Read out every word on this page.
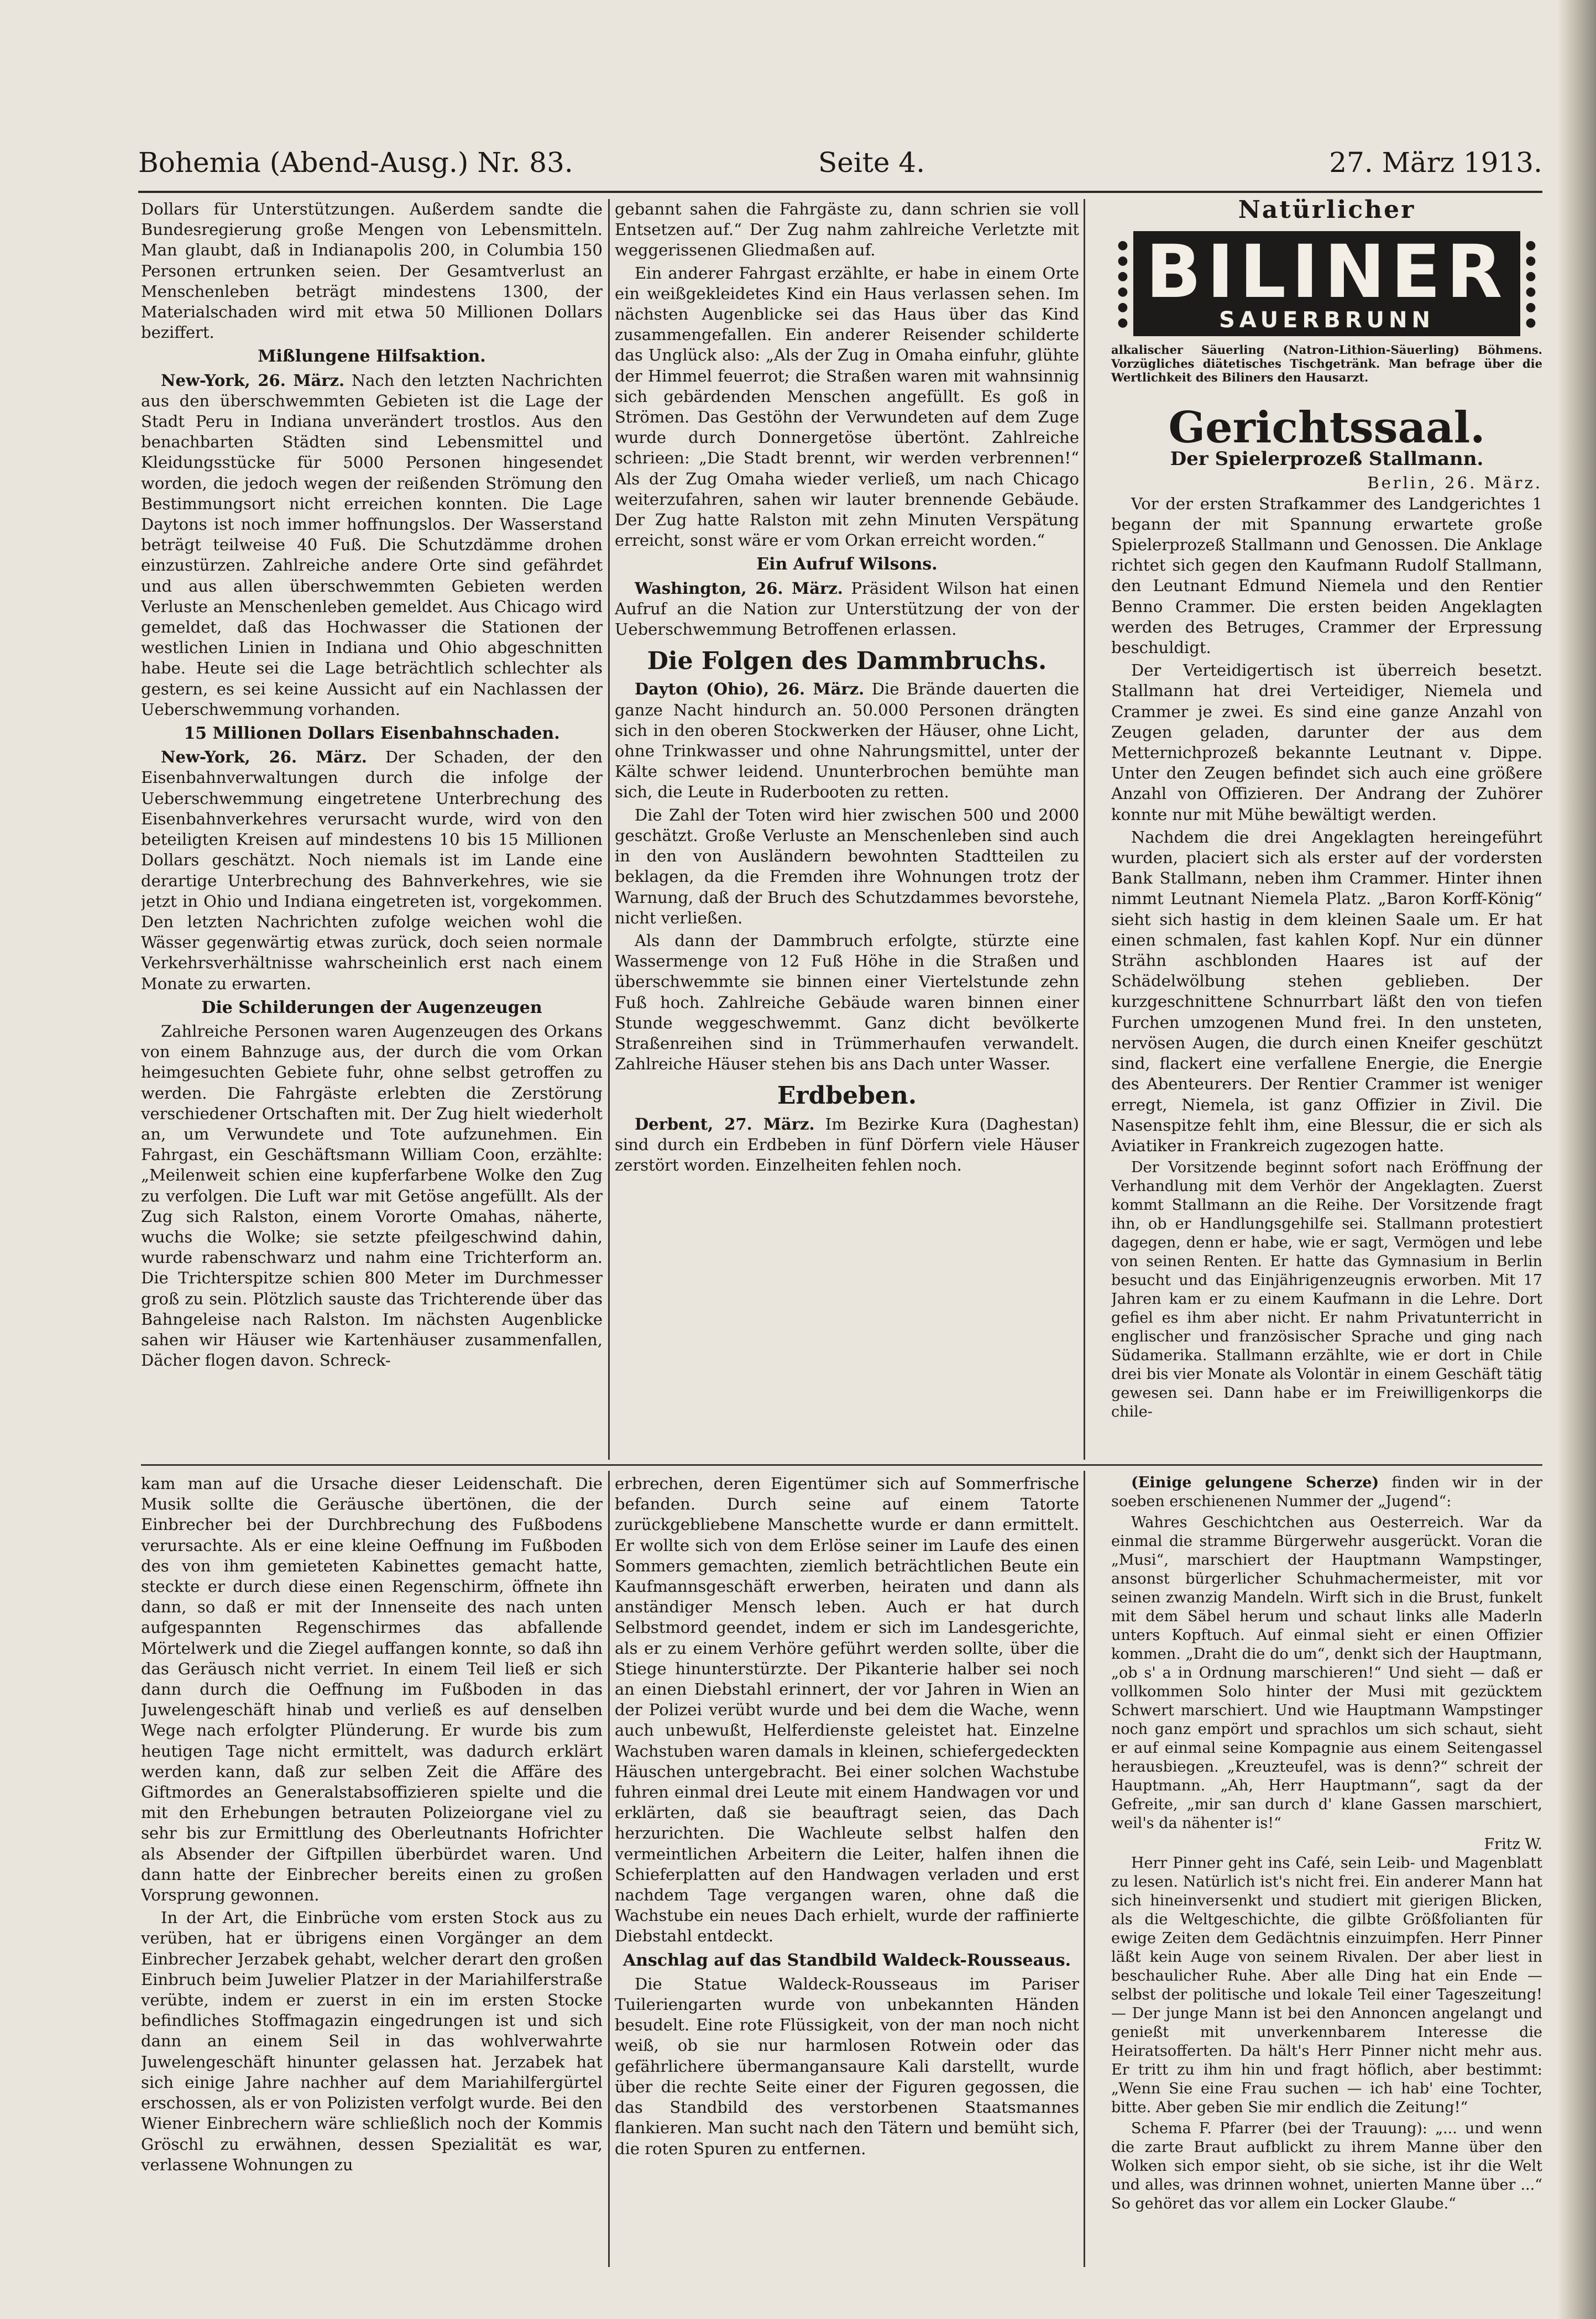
Bohemia (Abend-Ausg.) Nr. 83.	Seite 4.	27. März 1913.

Dollars für Unterstützungen. Außerdem sandte die Bundesregierung große Mengen von Lebensmitteln. Man glaubt, daß in Indianapolis 200, in Columbia 150 Personen ertrunken seien. Der Gesamtverlust an Menschenleben beträgt mindestens 1300, der Materialschaden wird mit etwa 50 Millionen Dollars beziffert.

Mißlungene Hilfsaktion.

New-York, 26. März. Nach den letzten Nachrichten aus den überschwemmten Gebieten ist die Lage der Stadt Peru in Indiana unverändert trostlos. Aus den benachbarten Städten sind Lebensmittel und Kleidungsstücke für 5000 Personen hingesendet worden, die jedoch wegen der reißenden Strömung den Bestimmungsort nicht erreichen konnten. Die Lage Daytons ist noch immer hoffnungslos. Der Wasserstand beträgt teilweise 40 Fuß. Die Schutzdämme drohen einzustürzen. Zahlreiche andere Orte sind gefährdet und aus allen überschwemmten Gebieten werden Verluste an Menschenleben gemeldet. Aus Chicago wird gemeldet, daß das Hochwasser die Stationen der westlichen Linien in Indiana und Ohio abgeschnitten habe. Heute sei die Lage beträchtlich schlechter als gestern, es sei keine Aussicht auf ein Nachlassen der Ueberschwemmung vorhanden.

15 Millionen Dollars Eisenbahnschaden.

New-York, 26. März. Der Schaden, der den Eisenbahnverwaltungen durch die infolge der Ueberschwemmung eingetretene Unterbrechung des Eisenbahnverkehres verursacht wurde, wird von den beteiligten Kreisen auf mindestens 10 bis 15 Millionen Dollars geschätzt. Noch niemals ist im Lande eine derartige Unterbrechung des Bahnverkehres, wie sie jetzt in Ohio und Indiana eingetreten ist, vorgekommen. Den letzten Nachrichten zufolge weichen wohl die Wässer gegenwärtig etwas zurück, doch seien normale Verkehrsverhältnisse wahrscheinlich erst nach einem Monate zu erwarten.

Die Schilderungen der Augenzeugen

Zahlreiche Personen waren Augenzeugen des Orkans von einem Bahnzuge aus, der durch die vom Orkan heimgesuchten Gebiete fuhr, ohne selbst getroffen zu werden. Die Fahrgäste erlebten die Zerstörung verschiedener Ortschaften mit. Der Zug hielt wiederholt an, um Verwundete und Tote aufzunehmen. Ein Fahrgast, ein Geschäftsmann William Coon, erzählte: „Meilenweit schien eine kupferfarbene Wolke den Zug zu verfolgen. Die Luft war mit Getöse angefüllt. Als der Zug sich Ralston, einem Vororte Omahas, näherte, wuchs die Wolke; sie setzte pfeilgeschwind dahin, wurde rabenschwarz und nahm eine Trichterform an. Die Trichterspitze schien 800 Meter im Durchmesser groß zu sein. Plötzlich sauste das Trichterende über das Bahngeleise nach Ralston. Im nächsten Augenblicke sahen wir Häuser wie Kartenhäuser zusammenfallen, Dächer flogen davon. Schreck-

gebannt sahen die Fahrgäste zu, dann schrien sie voll Entsetzen auf.“ Der Zug nahm zahlreiche Verletzte mit weggerissenen Gliedmaßen auf.

Ein anderer Fahrgast erzählte, er habe in einem Orte ein weißgekleidetes Kind ein Haus verlassen sehen. Im nächsten Augenblicke sei das Haus über das Kind zusammengefallen. Ein anderer Reisender schilderte das Unglück also: „Als der Zug in Omaha einfuhr, glühte der Himmel feuerrot; die Straßen waren mit wahnsinnig sich gebärdenden Menschen angefüllt. Es goß in Strömen. Das Gestöhn der Verwundeten auf dem Zuge wurde durch Donnergetöse übertönt. Zahlreiche schrieen: „Die Stadt brennt, wir werden verbrennen!“ Als der Zug Omaha wieder verließ, um nach Chicago weiterzufahren, sahen wir lauter brennende Gebäude. Der Zug hatte Ralston mit zehn Minuten Verspätung erreicht, sonst wäre er vom Orkan erreicht worden.“

Ein Aufruf Wilsons.

Washington, 26. März. Präsident Wilson hat einen Aufruf an die Nation zur Unterstützung der von der Ueberschwemmung Betroffenen erlassen.

Die Folgen des Dammbruchs.

Dayton (Ohio), 26. März. Die Brände dauerten die ganze Nacht hindurch an. 50.000 Personen drängten sich in den oberen Stockwerken der Häuser, ohne Licht, ohne Trinkwasser und ohne Nahrungsmittel, unter der Kälte schwer leidend. Ununterbrochen bemühte man sich, die Leute in Ruderbooten zu retten.

Die Zahl der Toten wird hier zwischen 500 und 2000 geschätzt. Große Verluste an Menschenleben sind auch in den von Ausländern bewohnten Stadtteilen zu beklagen, da die Fremden ihre Wohnungen trotz der Warnung, daß der Bruch des Schutzdammes bevorstehe, nicht verließen.

Als dann der Dammbruch erfolgte, stürzte eine Wassermenge von 12 Fuß Höhe in die Straßen und überschwemmte sie binnen einer Viertelstunde zehn Fuß hoch. Zahlreiche Gebäude waren binnen einer Stunde weggeschwemmt. Ganz dicht bevölkerte Straßenreihen sind in Trümmerhaufen verwandelt. Zahlreiche Häuser stehen bis ans Dach unter Wasser.

Erdbeben.

Derbent, 27. März. Im Bezirke Kura (Daghestan) sind durch ein Erdbeben in fünf Dörfern viele Häuser zerstört worden. Einzelheiten fehlen noch.

Natürlicher
●
●
●
●
●
●
BILINER
SAUERBRUNN
●
●
●
●
●
●
alkalischer Säuerling (Natron-Lithion-Säuerling) Böhmens. Vorzügliches diätetisches Tischgetränk. Man befrage über die Wertlichkeit des Biliners den Hausarzt.
Gerichtssaal.
Der Spielerprozeß Stallmann.

Berlin, 26. März.

Vor der ersten Strafkammer des Landgerichtes 1 begann der mit Spannung erwartete große Spielerprozeß Stallmann und Genossen. Die Anklage richtet sich gegen den Kaufmann Rudolf Stallmann, den Leutnant Edmund Niemela und den Rentier Benno Crammer. Die ersten beiden Angeklagten werden des Betruges, Crammer der Erpressung beschuldigt.

Der Verteidigertisch ist überreich besetzt. Stallmann hat drei Verteidiger, Niemela und Crammer je zwei. Es sind eine ganze Anzahl von Zeugen geladen, darunter der aus dem Metternichprozeß bekannte Leutnant v. Dippe. Unter den Zeugen befindet sich auch eine größere Anzahl von Offizieren. Der Andrang der Zuhörer konnte nur mit Mühe bewältigt werden.

Nachdem die drei Angeklagten hereingeführt wurden, placiert sich als erster auf der vordersten Bank Stallmann, neben ihm Crammer. Hinter ihnen nimmt Leutnant Niemela Platz. „Baron Korff-König“ sieht sich hastig in dem kleinen Saale um. Er hat einen schmalen, fast kahlen Kopf. Nur ein dünner Strähn aschblonden Haares ist auf der Schädelwölbung stehen geblieben. Der kurzgeschnittene Schnurrbart läßt den von tiefen Furchen umzogenen Mund frei. In den unsteten, nervösen Augen, die durch einen Kneifer geschützt sind, flackert eine verfallene Energie, die Energie des Abenteurers. Der Rentier Crammer ist weniger erregt, Niemela, ist ganz Offizier in Zivil. Die Nasenspitze fehlt ihm, eine Blessur, die er sich als Aviatiker in Frankreich zugezogen hatte.

Der Vorsitzende beginnt sofort nach Eröffnung der Verhandlung mit dem Verhör der Angeklagten. Zuerst kommt Stallmann an die Reihe. Der Vorsitzende fragt ihn, ob er Handlungsgehilfe sei. Stallmann protestiert dagegen, denn er habe, wie er sagt, Vermögen und lebe von seinen Renten. Er hatte das Gymnasium in Berlin besucht und das Einjährigenzeugnis erworben. Mit 17 Jahren kam er zu einem Kaufmann in die Lehre. Dort gefiel es ihm aber nicht. Er nahm Privatunterricht in englischer und französischer Sprache und ging nach Südamerika. Stallmann erzählte, wie er dort in Chile drei bis vier Monate als Volontär in einem Geschäft tätig gewesen sei. Dann habe er im Freiwilligenkorps die chile-

kam man auf die Ursache dieser Leidenschaft. Die Musik sollte die Geräusche übertönen, die der Einbrecher bei der Durchbrechung des Fußbodens verursachte. Als er eine kleine Oeffnung im Fußboden des von ihm gemieteten Kabinettes gemacht hatte, steckte er durch diese einen Regenschirm, öffnete ihn dann, so daß er mit der Innenseite des nach unten aufgespannten Regenschirmes das abfallende Mörtelwerk und die Ziegel auffangen konnte, so daß ihn das Geräusch nicht verriet. In einem Teil ließ er sich dann durch die Oeffnung im Fußboden in das Juwelengeschäft hinab und verließ es auf denselben Wege nach erfolgter Plünderung. Er wurde bis zum heutigen Tage nicht ermittelt, was dadurch erklärt werden kann, daß zur selben Zeit die Affäre des Giftmordes an Generalstabsoffizieren spielte und die mit den Erhebungen betrauten Polizeiorgane viel zu sehr bis zur Ermittlung des Oberleutnants Hofrichter als Absender der Giftpillen überbürdet waren. Und dann hatte der Einbrecher bereits einen zu großen Vorsprung gewonnen.

In der Art, die Einbrüche vom ersten Stock aus zu verüben, hat er übrigens einen Vorgänger an dem Einbrecher Jerzabek gehabt, welcher derart den großen Einbruch beim Juwelier Platzer in der Mariahilferstraße verübte, indem er zuerst in ein im ersten Stocke befindliches Stoffmagazin eingedrungen ist und sich dann an einem Seil in das wohlverwahrte Juwelengeschäft hinunter gelassen hat. Jerzabek hat sich einige Jahre nachher auf dem Mariahilfergürtel erschossen, als er von Polizisten verfolgt wurde. Bei den Wiener Einbrechern wäre schließlich noch der Kommis Gröschl zu erwähnen, dessen Spezialität es war, verlassene Wohnungen zu

erbrechen, deren Eigentümer sich auf Sommerfrische befanden. Durch seine auf einem Tatorte zurückgebliebene Manschette wurde er dann ermittelt. Er wollte sich von dem Erlöse seiner im Laufe des einen Sommers gemachten, ziemlich beträchtlichen Beute ein Kaufmannsgeschäft erwerben, heiraten und dann als anständiger Mensch leben. Auch er hat durch Selbstmord geendet, indem er sich im Landesgerichte, als er zu einem Verhöre geführt werden sollte, über die Stiege hinunterstürzte. Der Pikanterie halber sei noch an einen Diebstahl erinnert, der vor Jahren in Wien an der Polizei verübt wurde und bei dem die Wache, wenn auch unbewußt, Helferdienste geleistet hat. Einzelne Wachstuben waren damals in kleinen, schiefergedeckten Häuschen untergebracht. Bei einer solchen Wachstube fuhren einmal drei Leute mit einem Handwagen vor und erklärten, daß sie beauftragt seien, das Dach herzurichten. Die Wachleute selbst halfen den vermeintlichen Arbeitern die Leiter, halfen ihnen die Schieferplatten auf den Handwagen verladen und erst nachdem Tage vergangen waren, ohne daß die Wachstube ein neues Dach erhielt, wurde der raffinierte Diebstahl entdeckt.

Anschlag auf das Standbild Waldeck-Rousseaus.

Die Statue Waldeck-Rousseaus im Pariser Tuileriengarten wurde von unbekannten Händen besudelt. Eine rote Flüssigkeit, von der man noch nicht weiß, ob sie nur harmlosen Rotwein oder das gefährlichere übermangansaure Kali darstellt, wurde über die rechte Seite einer der Figuren gegossen, die das Standbild des verstorbenen Staatsmannes flankieren. Man sucht nach den Tätern und bemüht sich, die roten Spuren zu entfernen.

(Einige gelungene Scherze) finden wir in der soeben erschienenen Nummer der „Jugend“:

Wahres Geschichtchen aus Oesterreich. War da einmal die stramme Bürgerwehr ausgerückt. Voran die „Musi“, marschiert der Hauptmann Wampstinger, ansonst bürgerlicher Schuhmachermeister, mit vor seinen zwanzig Mandeln. Wirft sich in die Brust, funkelt mit dem Säbel herum und schaut links alle Maderln unters Kopftuch. Auf einmal sieht er einen Offizier kommen. „Draht die do um“, denkt sich der Hauptmann, „ob s' a in Ordnung marschieren!“ Und sieht — daß er vollkommen Solo hinter der Musi mit gezücktem Schwert marschiert. Und wie Hauptmann Wampstinger noch ganz empört und sprachlos um sich schaut, sieht er auf einmal seine Kompagnie aus einem Seitengassel herausbiegen. „Kreuzteufel, was is denn?“ schreit der Hauptmann. „Ah, Herr Hauptmann“, sagt da der Gefreite, „mir san durch d' klane Gassen marschiert, weil's da nähenter is!“

Fritz W.

Herr Pinner geht ins Café, sein Leib- und Magenblatt zu lesen. Natürlich ist's nicht frei. Ein anderer Mann hat sich hineinversenkt und studiert mit gierigen Blicken, als die Weltgeschichte, die gilbte Größfolianten für ewige Zeiten dem Gedächtnis einzuimpfen. Herr Pinner läßt kein Auge von seinem Rivalen. Der aber liest in beschaulicher Ruhe. Aber alle Ding hat ein Ende — selbst der politische und lokale Teil einer Tageszeitung! — Der junge Mann ist bei den Annoncen angelangt und genießt mit unverkennbarem Interesse die Heiratsofferten. Da hält's Herr Pinner nicht mehr aus. Er tritt zu ihm hin und fragt höflich, aber bestimmt: „Wenn Sie eine Frau suchen — ich hab' eine Tochter, bitte. Aber geben Sie mir endlich die Zeitung!“

Schema F. Pfarrer (bei der Trauung): „... und wenn die zarte Braut aufblickt zu ihrem Manne über den Wolken sich empor sieht, ob sie siche, ist ihr die Welt und alles, was drinnen wohnet, unierten Manne über ...“ So gehöret das vor allem ein Locker Glaube.“
